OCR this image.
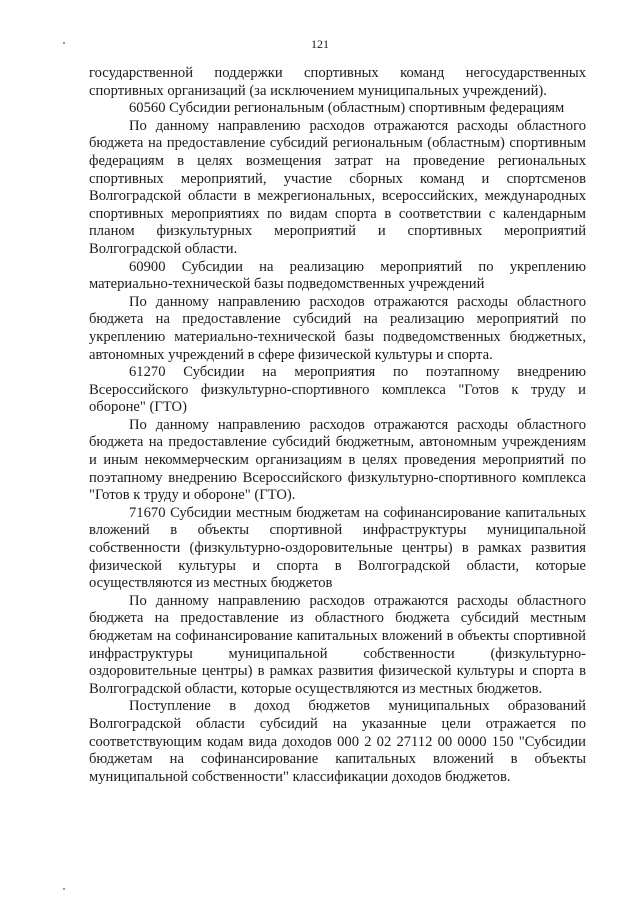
121

государственной поддержки спортивных команд негосударственных спортивных организаций (за исключением муниципальных учреждений).

60560 Субсидии региональным (областным) спортивным федерациям

По данному направлению расходов отражаются расходы областного бюджета на предоставление субсидий региональным (областным) спортивным федерациям в целях возмещения затрат на проведение региональных спортивных мероприятий, участие сборных команд и спортсменов Волгоградской области в межрегиональных, всероссийских, международных спортивных мероприятиях по видам спорта в соответствии с календарным планом физкультурных мероприятий и спортивных мероприятий Волгоградской области.

60900 Субсидии на реализацию мероприятий по укреплению материально-технической базы подведомственных учреждений

По данному направлению расходов отражаются расходы областного бюджета на предоставление субсидий на реализацию мероприятий по укреплению материально-технической базы подведомственных бюджетных, автономных учреждений в сфере физической культуры и спорта.

61270 Субсидии на мероприятия по поэтапному внедрению Всероссийского физкультурно-спортивного комплекса "Готов к труду и обороне" (ГТО)

По данному направлению расходов отражаются расходы областного бюджета на предоставление субсидий бюджетным, автономным учреждениям и иным некоммерческим организациям в целях проведения мероприятий по поэтапному внедрению Всероссийского физкультурно-спортивного комплекса "Готов к труду и обороне" (ГТО).

71670 Субсидии местным бюджетам на софинансирование капитальных вложений в объекты спортивной инфраструктуры муниципальной собственности (физкультурно-оздоровительные центры) в рамках развития физической культуры и спорта в Волгоградской области, которые осуществляются из местных бюджетов

По данному направлению расходов отражаются расходы областного бюджета на предоставление из областного бюджета субсидий местным бюджетам на софинансирование капитальных вложений в объекты спортивной инфраструктуры муниципальной собственности (физкультурно-оздоровительные центры) в рамках развития физической культуры и спорта в Волгоградской области, которые осуществляются из местных бюджетов.

Поступление в доход бюджетов муниципальных образований Волгоградской области субсидий на указанные цели отражается по соответствующим кодам вида доходов 000 2 02 27112 00 0000 150 "Субсидии бюджетам на софинансирование капитальных вложений в объекты муниципальной собственности" классификации доходов бюджетов.
